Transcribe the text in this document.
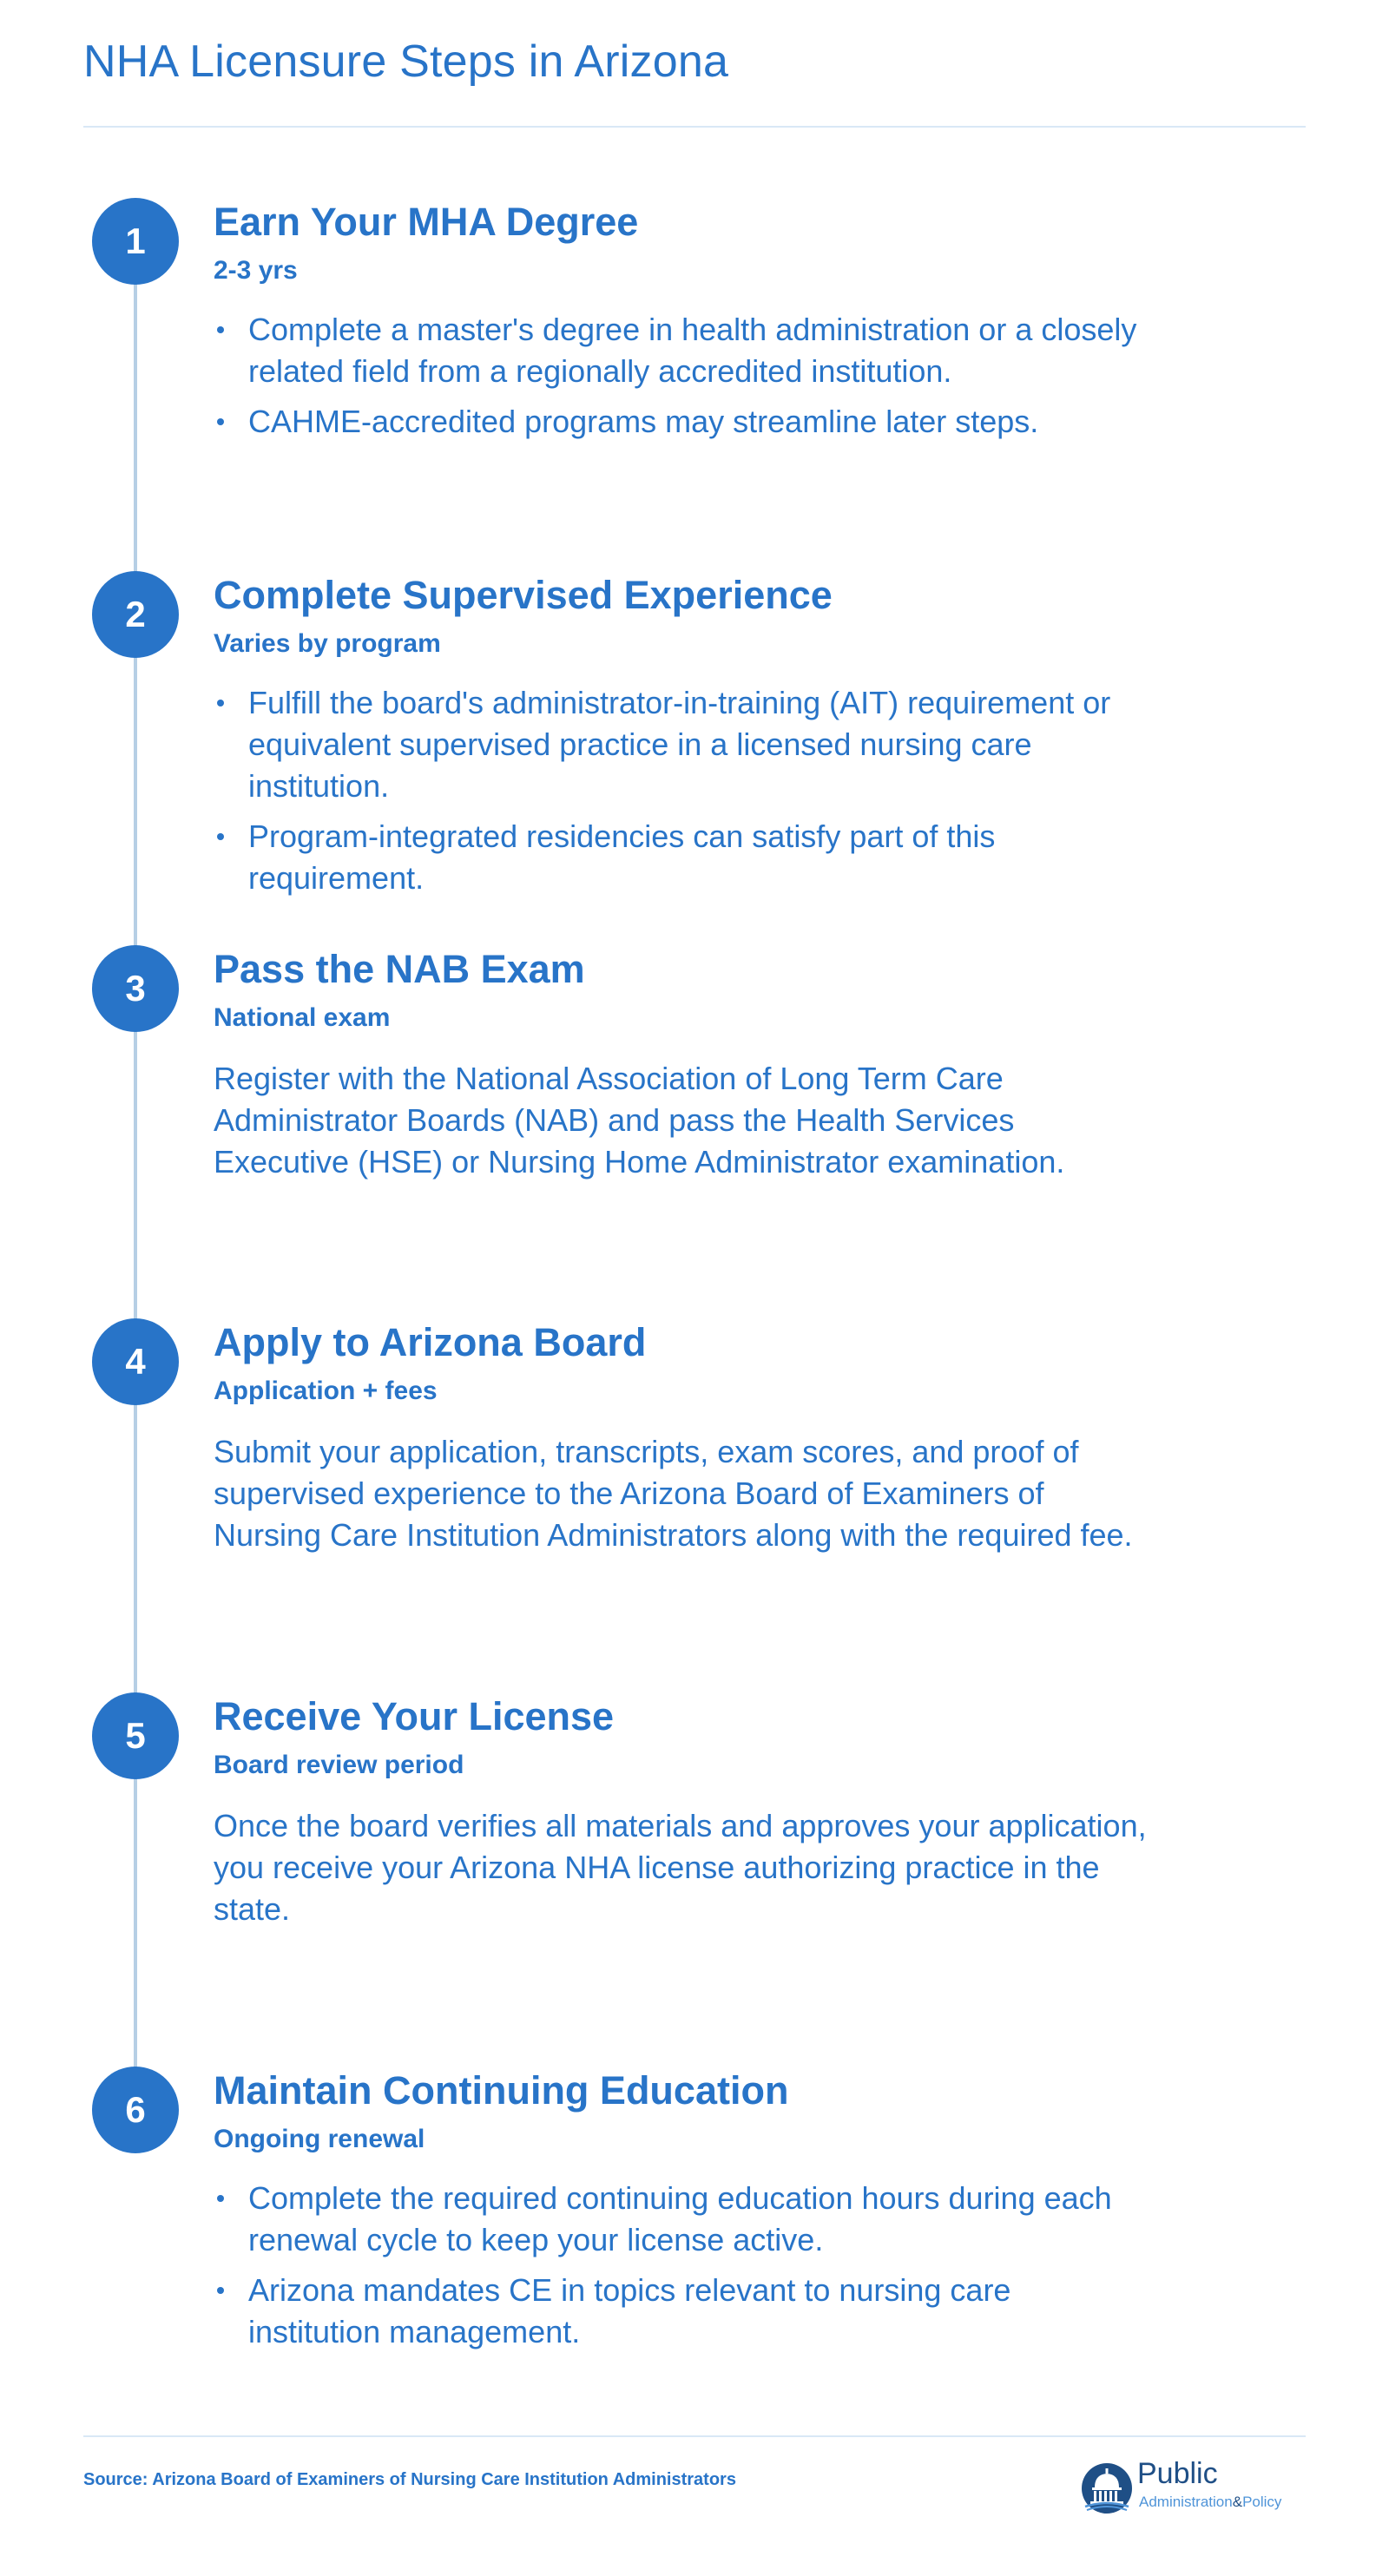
NHA Licensure Steps in Arizona
1	Earn Your MHA Degree

2-3 yrs

Complete a master's degree in health administration or a closely related field from a regionally accredited institution.
CAHME-accredited programs may streamline later steps.
2	Complete Supervised Experience

Varies by program

Fulfill the board's administrator-in-training (AIT) requirement or equivalent supervised practice in a licensed nursing care institution.
Program-integrated residencies can satisfy part of this requirement.
3	Pass the NAB Exam

National exam

Register with the National Association of Long Term Care Administrator Boards (NAB) and pass the Health Services Executive (HSE) or Nursing Home Administrator examination.

4	Apply to Arizona Board

Application + fees

Submit your application, transcripts, exam scores, and proof of supervised experience to the Arizona Board of Examiners of Nursing Care Institution Administrators along with the required fee.

5	Receive Your License

Board review period

Once the board verifies all materials and approves your application, you receive your Arizona NHA license authorizing practice in the state.

6	Maintain Continuing Education

Ongoing renewal

Complete the required continuing education hours during each renewal cycle to keep your license active.
Arizona mandates CE in topics relevant to nursing care institution management.

Source: Arizona Board of Examiners of Nursing Care Institution Administrators	Public
Administration&Policy
